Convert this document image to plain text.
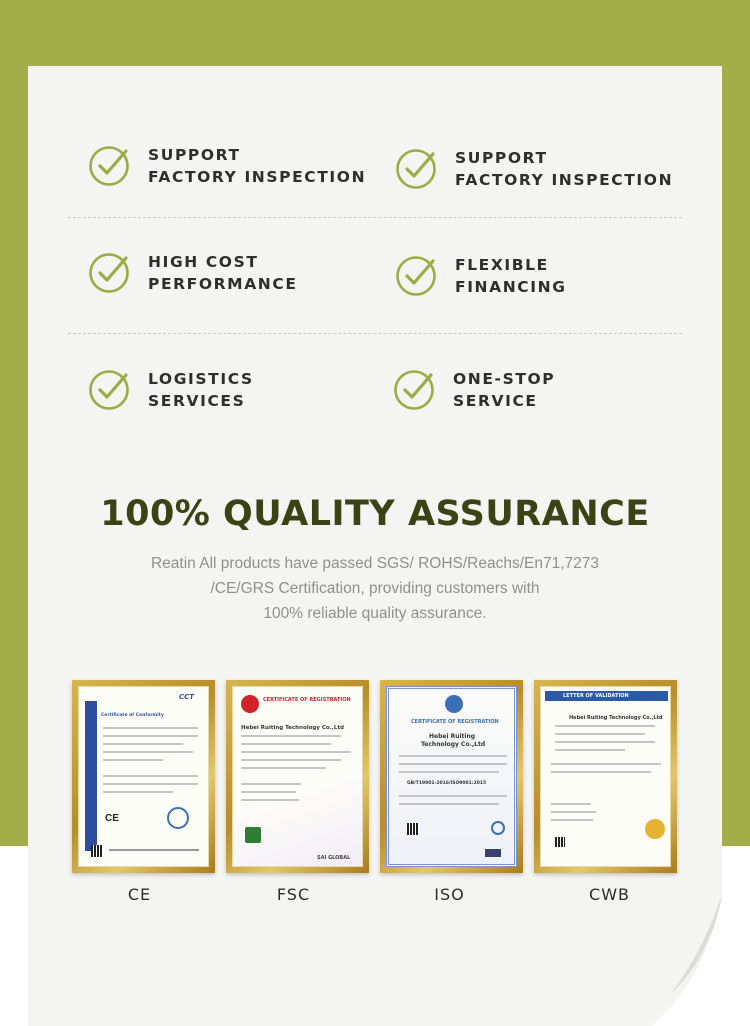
SUPPORT
FACTORY INSPECTION
SUPPORT
FACTORY INSPECTION
HIGH COST
PERFORMANCE
FLEXIBLE
FINANCING
LOGISTICS
SERVICES
ONE-STOP
SERVICE
100% QUALITY ASSURANCE
Reatin All products have passed SGS/ ROHS/Reachs/En71,7273
/CE/GRS Certification, providing customers with
100% reliable quality assurance.
Certificate of Conformity
CCT
CE
CERTIFICATE OF REGISTRATION
Hebei Ruiting Technology Co.,Ltd
SAI GLOBAL
CERTIFICATE OF REGISTRATION
Hebei Ruiting
Technology Co.,Ltd
GB/T19001-2016/ISO9001:2015
LETTER OF VALIDATION
Hebei Ruiting Technology Co.,Ltd
CE	FSC	ISO	CWB
